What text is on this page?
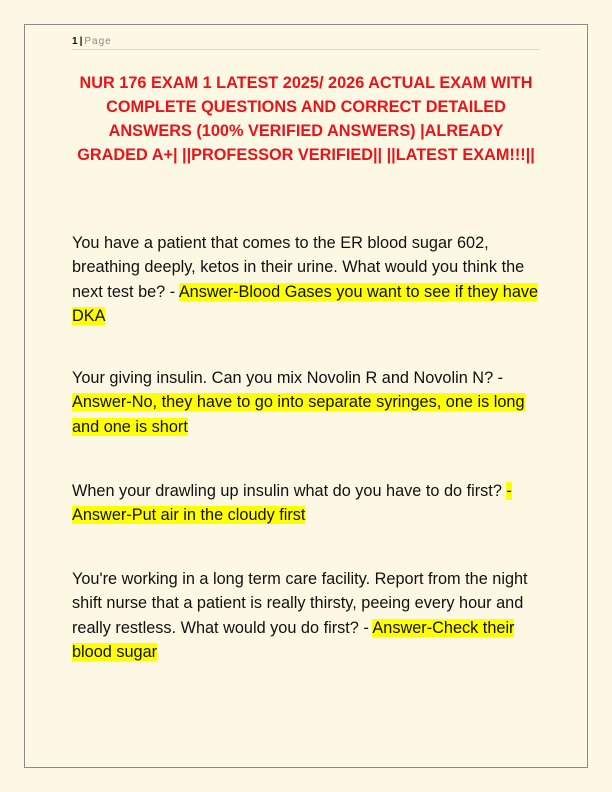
1 | Page
NUR 176 EXAM 1 LATEST 2025/ 2026 ACTUAL EXAM WITH COMPLETE QUESTIONS AND CORRECT DETAILED ANSWERS (100% VERIFIED ANSWERS) |ALREADY GRADED A+| ||PROFESSOR VERIFIED|| ||LATEST EXAM!!!||
You have a patient that comes to the ER blood sugar 602, breathing deeply, ketos in their urine. What would you think the next test be? - Answer-Blood Gases you want to see if they have DKA
Your giving insulin. Can you mix Novolin R and Novolin N? - Answer-No, they have to go into separate syringes, one is long and one is short
When your drawling up insulin what do you have to do first? - Answer-Put air in the cloudy first
You're working in a long term care facility. Report from the night shift nurse that a patient is really thirsty, peeing every hour and really restless. What would you do first? - Answer-Check their blood sugar
